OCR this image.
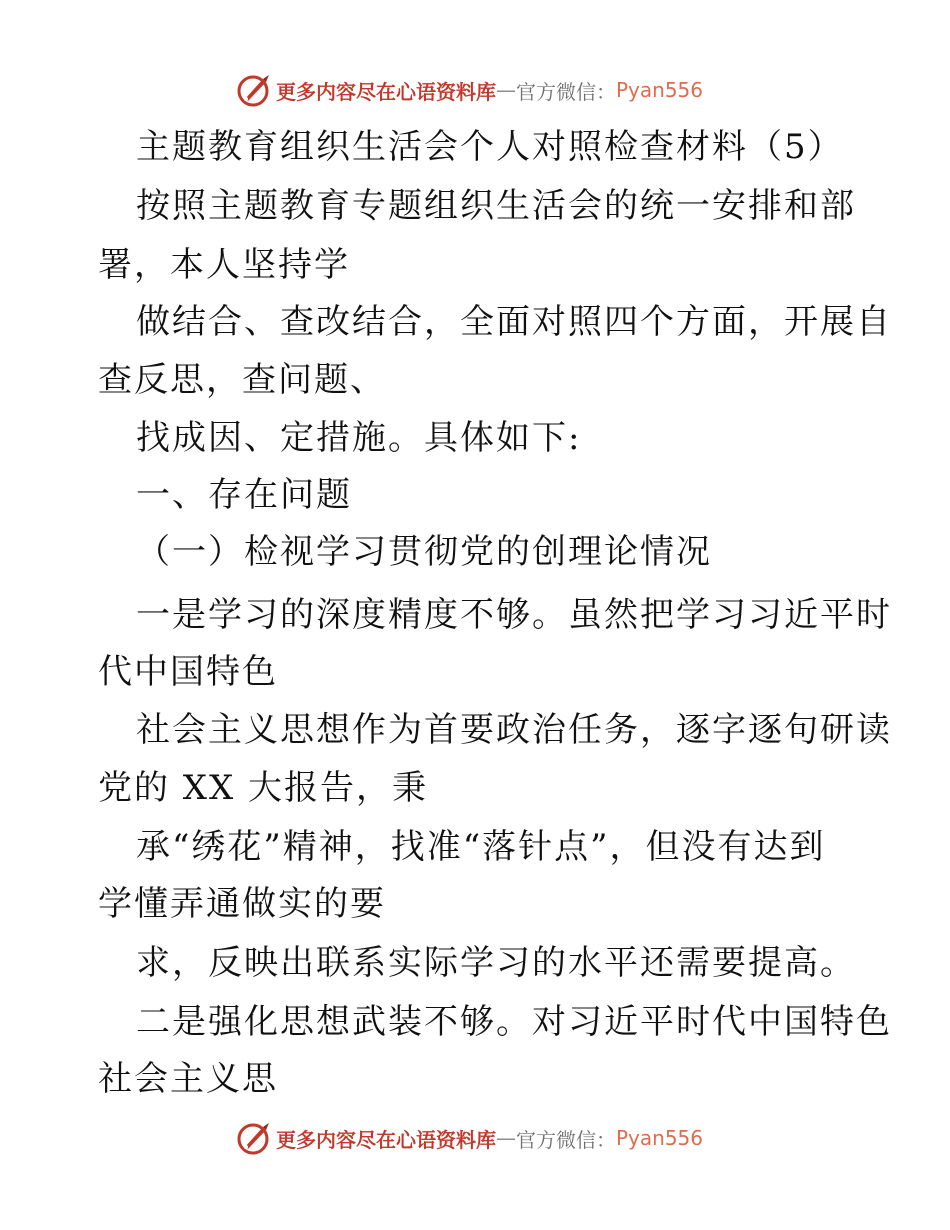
更多内容尽在心语资料库 — 官方微信： Pyan556
主题教育组织生活会个人对照检查材料（5）
按照主题教育专题组织生活会的统一安排和部
署，本人坚持学
做结合、查改结合，全面对照四个方面，开展自
查反思，查问题、
找成因、定措施。具体如下:
一、存在问题
（一）检视学习贯彻党的创理论情况
一是学习的深度精度不够。虽然把学习习近平时
代中国特色
社会主义思想作为首要政治任务，逐字逐句研读
党的 XX 大报告，秉
承“绣花”精神，找准“落针点”，但没有达到
学懂弄通做实的要
求，反映出联系实际学习的水平还需要提高。
二是强化思想武装不够。对习近平时代中国特色
社会主义思
更多内容尽在心语资料库 — 官方微信： Pyan556
